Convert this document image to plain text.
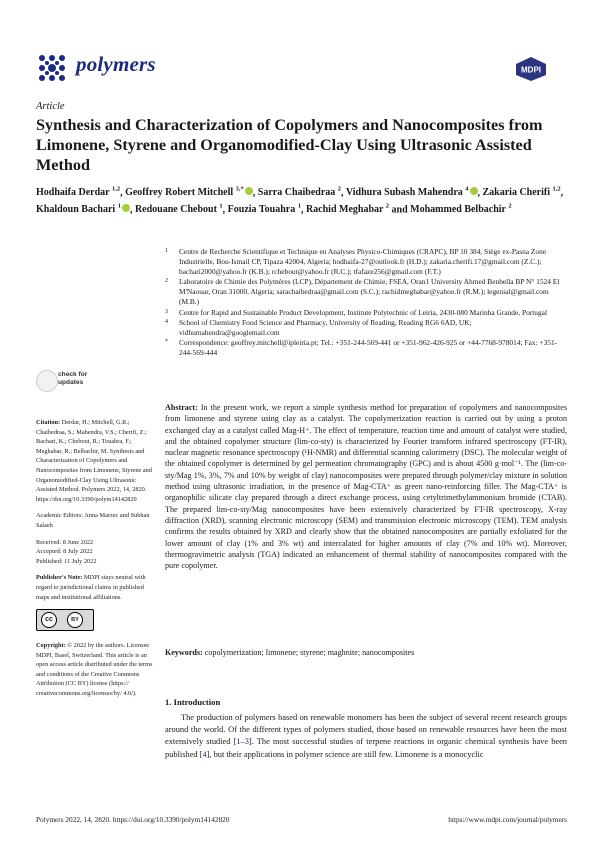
polymers	MDPI
Article
Synthesis and Characterization of Copolymers and Nanocomposites from Limonene, Styrene and Organomodified-Clay Using Ultrasonic Assisted Method
Hodhaifa Derdar $^{1,2}$, Geoffrey Robert Mitchell $^{3,*}$ , Sarra Chaibedraa $^2$, Vidhura Subash Mahendra $^4$ , Zakaria Cherifi $^{1,2}$, Khaldoun Bachari $^1$ , Redouane Chebout $^1$, Fouzia Touahra $^1$, Rachid Meghabar $^2$ and Mohammed Belbachir $^2$

1 Centre de Recherche Scientifique et Technique en Analyses Physico-Chimiques (CRAPC), BP 10 384, Siège ex-Pasna Zone Industrielle, Bou-Ismail CP, Tipaza 42004, Algeria; hodhaifa-27@outlook.fr (H.D.); zakaria.cherifi.17@gmail.com (Z.C.); bachari2000@yahoo.fr (K.B.); rchebout@yahoo.fr (R.C.); tfafaze256@gmail.com (F.T.)

2 Laboratoire de Chimie des Polymères (LCP), Département de Chimie, FSEA, Oran1 University Ahmed Benbella BP N° 1524 El M'Naouar, Oran 31000, Algeria; sarachaibedraa@gmail.com (S.C.); rachidmeghabar@yahoo.fr (R.M.); legenial@gmail.com (M.B.)

3 Centre for Rapid and Sustainable Product Development, Institute Polytechnic of Leiria, 2430-080 Marinha Grande, Portugal

4 School of Chemistry Food Science and Pharmacy, University of Reading, Reading RG6 6AD, UK; vidhumahendra@googlemail.com

* Correspondence: geoffrey.mitchell@ipleiria.pt; Tel.: +351-244-569-441 or +351-962-426-925 or +44-7768-978014; Fax: +351-244-569-444

check for
updates

Citation: Derdar, H.; Mitchell, G.R.; Chaibedraa, S.; Mahendra, V.S.; Cherifi, Z.; Bachari, K.; Chebout, R.; Touahra, F.; Meghabar, R.; Belbachir, M. Synthesis and Characterization of Copolymers and Nanocomposites from Limonene, Styrene and Organomodified-Clay Using Ultrasonic Assisted Method. Polymers 2022, 14, 2820. https://doi.org/10.3390/polym14142820

Academic Editors: Anna Marzec and Subhan Salaeh

Received: 8 June 2022

Accepted: 8 July 2022

Published: 11 July 2022

Publisher's Note: MDPI stays neutral with regard to jurisdictional claims in published maps and institutional affiliations.

cc	BY

Copyright: © 2022 by the authors. Licensee MDPI, Basel, Switzerland. This article is an open access article distributed under the terms and conditions of the Creative Commons Attribution (CC BY) license (https:// creativecommons.org/licenses/by/ 4.0/).

Abstract: In the present work, we report a simple synthesis method for preparation of copolymers and nanocomposites from limonene and styrene using clay as a catalyst. The copolymerization reaction is carried out by using a proton exchanged clay as a catalyst called Mag-H⁺. The effect of temperature, reaction time and amount of catalyst were studied, and the obtained copolymer structure (lim-co-sty) is characterized by Fourier transform infrared spectroscopy (FT-IR), nuclear magnetic resonance spectroscopy (¹H-NMR) and differential scanning calorimetry (DSC). The molecular weight of the obtained copolymer is determined by gel permeation chromatography (GPC) and is about 4500 g·mol⁻¹. The (lim-co-sty/Mag 1%, 3%, 7% and 10% by weight of clay) nanocomposites were prepared through polymer/clay mixture in solution method using ultrasonic irradiation, in the presence of Mag-CTA⁺ as green nano-reinforcing filler. The Mag-CTA⁺ is organophilic silicate clay prepared through a direct exchange process, using cetyltrimethylammonium bromide (CTAB). The prepared lim-co-sty/Mag nanocomposites have been extensively characterized by FT-IR spectroscopy, X-ray diffraction (XRD), scanning electronic microscopy (SEM) and transmission electronic microscopy (TEM). TEM analysis confirms the results obtained by XRD and clearly show that the obtained nanocomposites are partially exfoliated for the lower amount of clay (1% and 3% wt) and intercalated for higher amounts of clay (7% and 10% wt). Moreover, thermogravimetric analysis (TGA) indicated an enhancement of thermal stability of nanocomposites compared with the pure copolymer.

Keywords: copolymerization; limonene; styrene; maghnite; nanocomposites

1. Introduction

The production of polymers based on renewable monomers has been the subject of several recent research groups around the world. Of the different types of polymers studied, those based on renewable resources have been the most extensively studied [1–3]. The most successful studies of terpene reactions in organic chemical synthesis have been published [4], but their applications in polymer science are still few. Limonene is a monocyclic

Polymers 2022, 14, 2820. https://doi.org/10.3390/polym14142820	https://www.mdpi.com/journal/polymers
